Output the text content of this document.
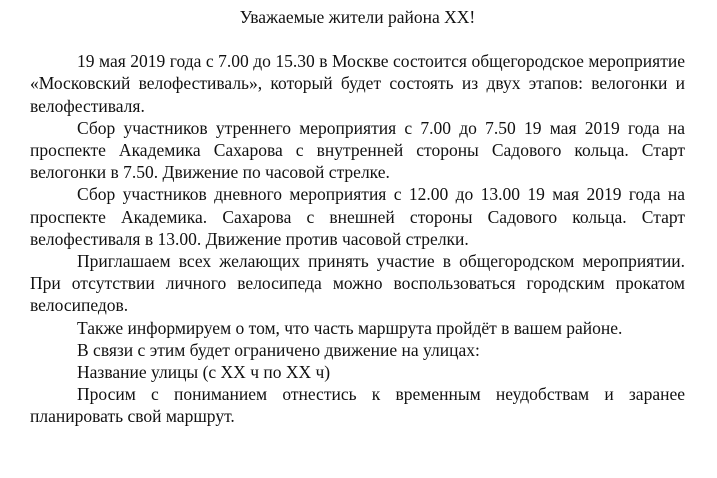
Уважаемые жители района XX!

19 мая 2019 года с 7.00 до 15.30 в Москве состоится общегородское мероприятие «Московский велофестиваль», который будет состоять из двух этапов: велогонки и велофестиваля.

Сбор участников утреннего мероприятия с 7.00 до 7.50 19 мая 2019 года на проспекте Академика Сахарова с внутренней стороны Садового кольца. Старт велогонки в 7.50. Движение по часовой стрелке.

Сбор участников дневного мероприятия с 12.00 до 13.00 19 мая 2019 года на проспекте Академика. Сахарова с внешней стороны Садового кольца. Старт велофестиваля в 13.00. Движение против часовой стрелки.

Приглашаем всех желающих принять участие в общегородском мероприятии. При отсутствии личного велосипеда можно воспользоваться городским прокатом велосипедов.

Также информируем о том, что часть маршрута пройдёт в вашем районе.

В связи с этим будет ограничено движение на улицах:

Название улицы (с XX ч по XX ч)

Просим с пониманием отнестись к временным неудобствам и заранее планировать свой маршрут.
